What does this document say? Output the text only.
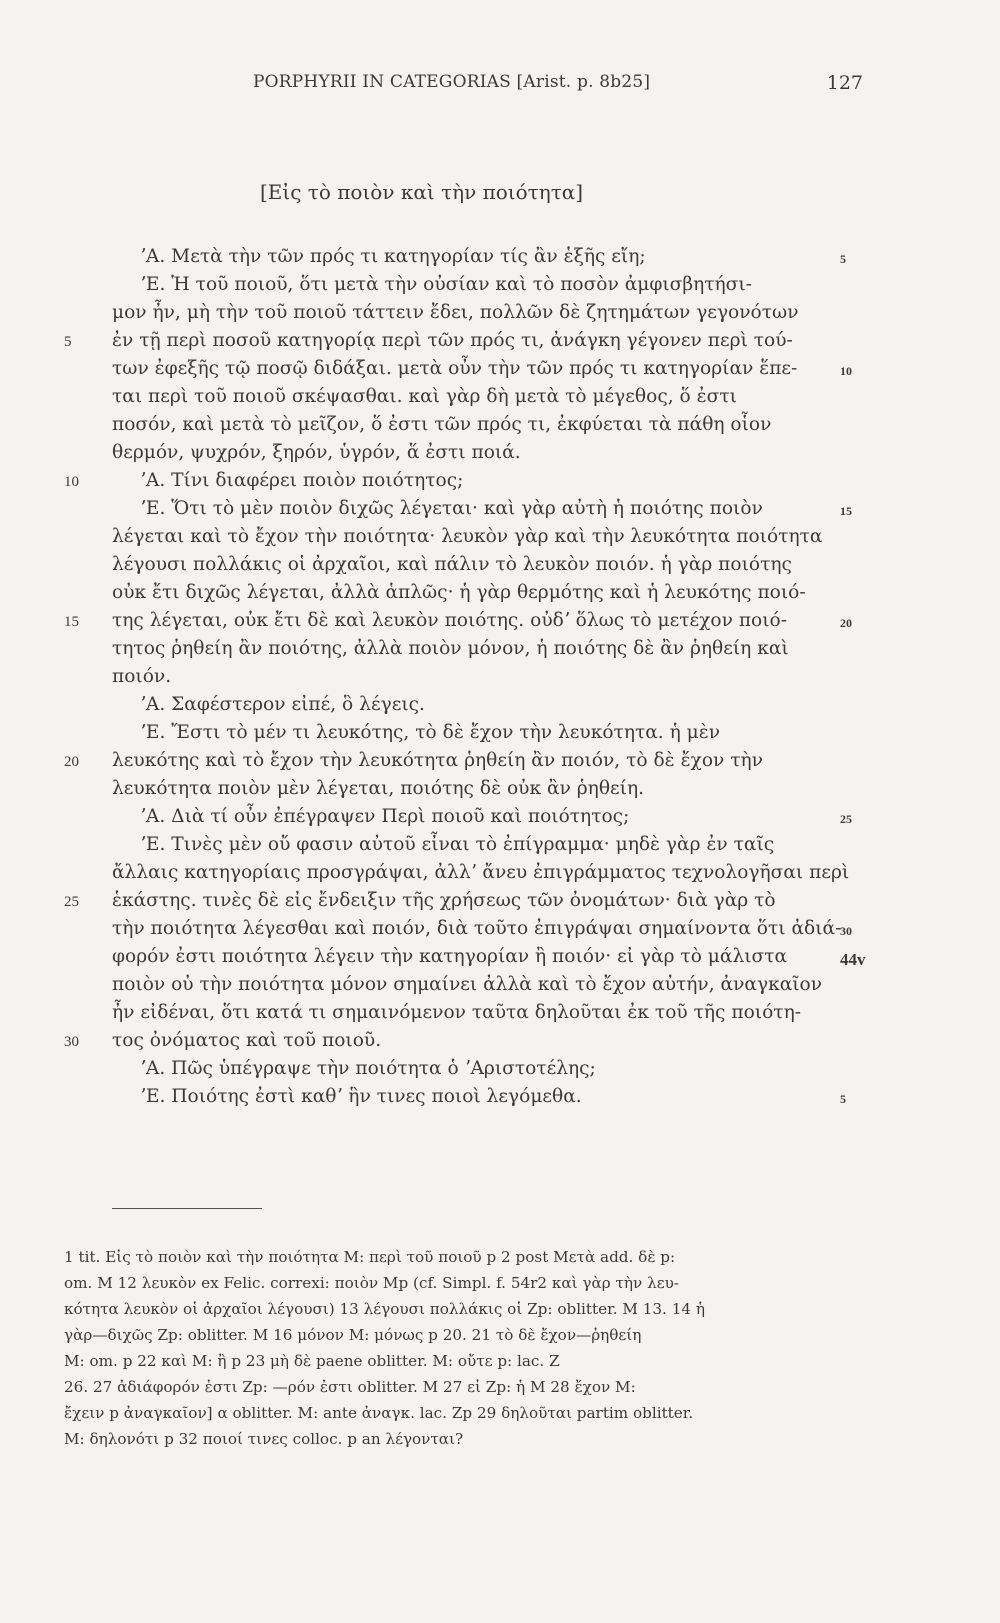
PORPHYRII IN CATEGORIAS [Arist. p. 8b25]	127
[Εἰς τὸ ποιὸν καὶ τὴν ποιότητα]
ʼΑ. Μετὰ τὴν τῶν πρός τι κατηγορίαν τίς ἂν ἑξῆς εἴη;
ʼΕ. Ἡ τοῦ ποιοῦ, ὅτι μετὰ τὴν οὐσίαν καὶ τὸ ποσὸν ἀμφισβητήσι-
μον ἦν, μὴ τὴν τοῦ ποιοῦ τάττειν ἔδει, πολλῶν δὲ ζητημάτων γεγονότων
ἐν τῇ περὶ ποσοῦ κατηγορίᾳ περὶ τῶν πρός τι, ἀνάγκη γέγονεν περὶ τού-
των ἐφεξῆς τῷ ποσῷ διδάξαι. μετὰ οὖν τὴν τῶν πρός τι κατηγορίαν ἕπε-
ται περὶ τοῦ ποιοῦ σκέψασθαι. καὶ γὰρ δὴ μετὰ τὸ μέγεθος, ὅ ἐστι
ποσόν, καὶ μετὰ τὸ μεῖζον, ὅ ἐστι τῶν πρός τι, ἐκφύεται τὰ πάθη οἷον
θερμόν, ψυχρόν, ξηρόν, ὑγρόν, ἅ ἐστι ποιά.
ʼΑ. Τίνι διαφέρει ποιὸν ποιότητος;
ʼΕ. Ὅτι τὸ μὲν ποιὸν διχῶς λέγεται· καὶ γὰρ αὐτὴ ἡ ποιότης ποιὸν
λέγεται καὶ τὸ ἔχον τὴν ποιότητα· λευκὸν γὰρ καὶ τὴν λευκότητα ποιότητα
λέγουσι πολλάκις οἱ ἀρχαῖοι, καὶ πάλιν τὸ λευκὸν ποιόν. ἡ γὰρ ποιότης
οὐκ ἔτι διχῶς λέγεται, ἀλλὰ ἁπλῶς· ἡ γὰρ θερμότης καὶ ἡ λευκότης ποιό-
της λέγεται, οὐκ ἔτι δὲ καὶ λευκὸν ποιότης. οὐδʼ ὅλως τὸ μετέχον ποιό-
τητος ῥηθείη ἂν ποιότης, ἀλλὰ ποιὸν μόνον, ἡ ποιότης δὲ ἂν ῥηθείη καὶ
ποιόν.
ʼΑ. Σαφέστερον εἰπέ, ὃ λέγεις.
ʼΕ. Ἔστι τὸ μέν τι λευκότης, τὸ δὲ ἔχον τὴν λευκότητα. ἡ μὲν
λευκότης καὶ τὸ ἔχον τὴν λευκότητα ῥηθείη ἂν ποιόν, τὸ δὲ ἔχον τὴν
λευκότητα ποιὸν μὲν λέγεται, ποιότης δὲ οὐκ ἂν ῥηθείη.
ʼΑ. Διὰ τί οὖν ἐπέγραψεν Περὶ ποιοῦ καὶ ποιότητος;
ʼΕ. Τινὲς μὲν οὔ φασιν αὐτοῦ εἶναι τὸ ἐπίγραμμα· μηδὲ γὰρ ἐν ταῖς
ἄλλαις κατηγορίαις προσγράψαι, ἀλλʼ ἄνευ ἐπιγράμματος τεχνολογῆσαι περὶ
ἑκάστης. τινὲς δὲ εἰς ἔνδειξιν τῆς χρήσεως τῶν ὀνομάτων· διὰ γὰρ τὸ
τὴν ποιότητα λέγεσθαι καὶ ποιόν, διὰ τοῦτο ἐπιγράψαι σημαίνοντα ὅτι ἀδιά-
φορόν ἐστι ποιότητα λέγειν τὴν κατηγορίαν ἢ ποιόν· εἰ γὰρ τὸ μάλιστα
ποιὸν οὐ τὴν ποιότητα μόνον σημαίνει ἀλλὰ καὶ τὸ ἔχον αὐτήν, ἀναγκαῖον
ἦν εἰδέναι, ὅτι κατά τι σημαινόμενον ταῦτα δηλοῦται ἐκ τοῦ τῆς ποιότη-
τος ὀνόματος καὶ τοῦ ποιοῦ.
ʼΑ. Πῶς ὑπέγραψε τὴν ποιότητα ὁ ʼΑριστοτέλης;
ʼΕ. Ποιότης ἐστὶ καθʼ ἣν τινες ποιοὶ λεγόμεθα.
5
10
15
20
25
30
5
10
15
20
25
30
44v
5
1 tit. Εἰς τὸ ποιὸν καὶ τὴν ποιότητα M: περὶ τοῦ ποιοῦ p 2 post Μετὰ add. δὲ p:
om. M 12 λευκὸν ex Felic. correxi: ποιὸν Mp (cf. Simpl. f. 54r2 καὶ γὰρ τὴν λευ-
κότητα λευκὸν οἱ ἀρχαῖοι λέγουσι) 13 λέγουσι πολλάκις οἱ Zp: oblitter. M 13. 14 ἡ
γὰρ—διχῶς Zp: oblitter. M 16 μόνον M: μόνως p 20. 21 τὸ δὲ ἔχον—ῥηθείη
M: om. p 22 καὶ M: ἢ p 23 μὴ δὲ paene oblitter. M: οὔτε p: lac. Z
26. 27 ἀδιάφορόν ἐστι Zp: —ρόν ἐστι oblitter. M 27 εἰ Zp: ἡ M 28 ἔχον M:
ἔχειν p ἀναγκαῖον] α oblitter. M: ante ἀναγκ. lac. Zp 29 δηλοῦται partim oblitter.
M: δηλονότι p 32 ποιοί τινες colloc. p an λέγονται?
